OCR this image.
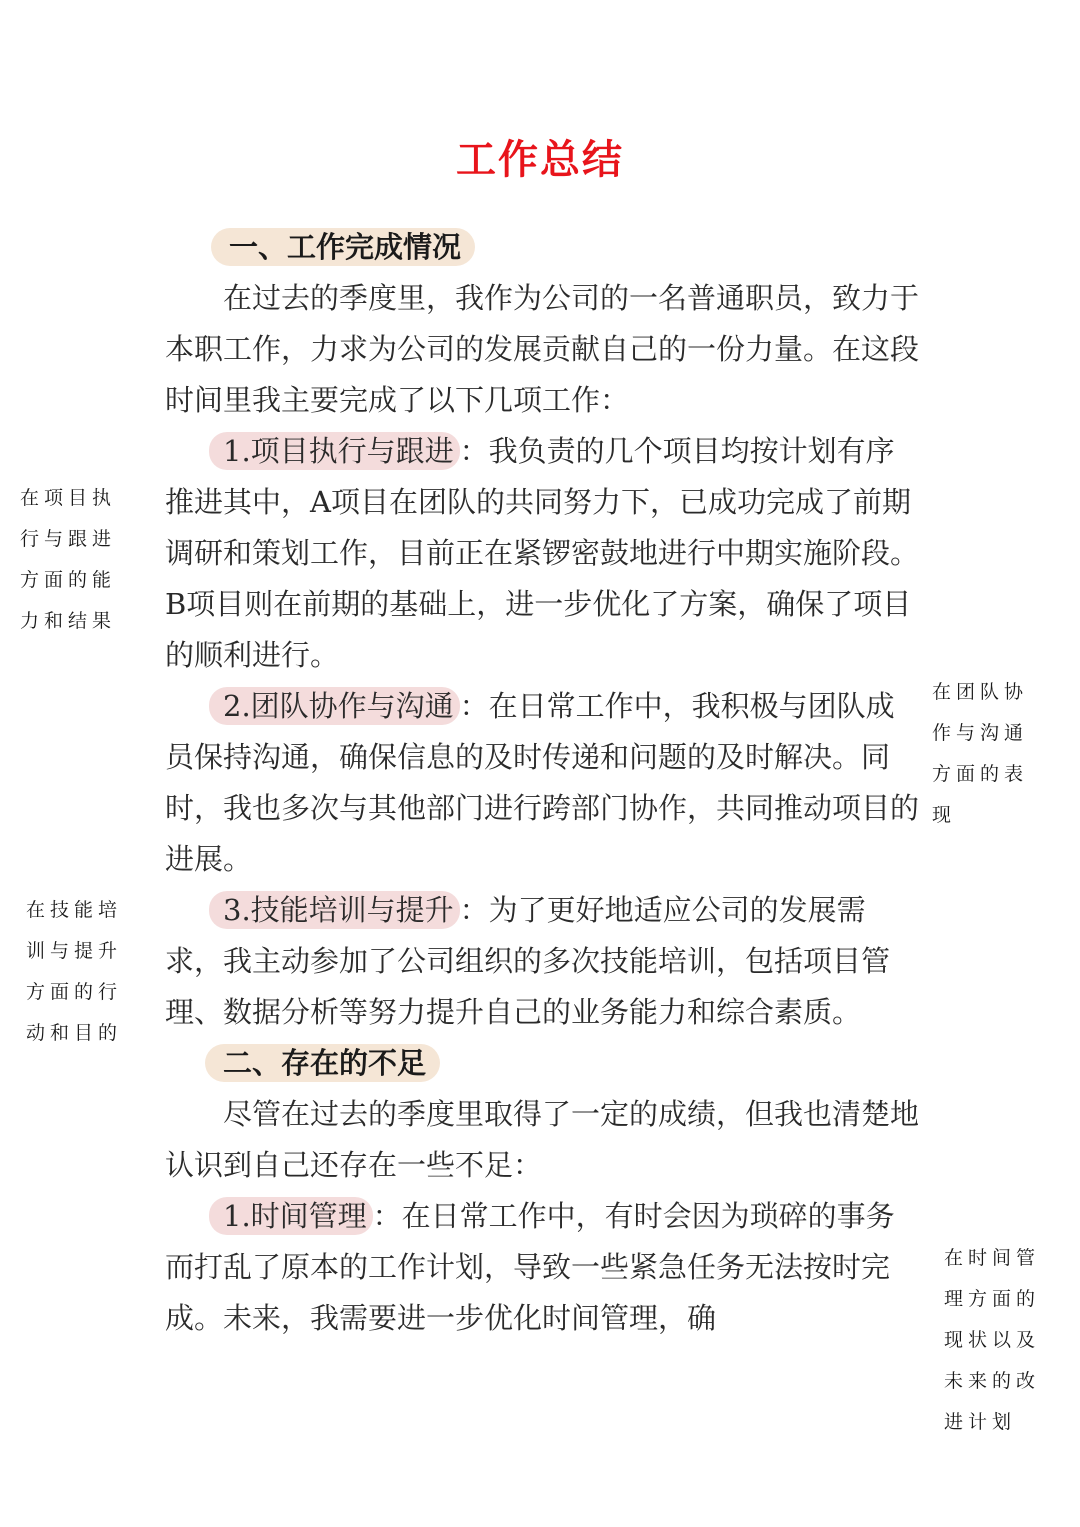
工作总结
一、工作完成情况

在过去的季度里，我作为公司的一名普通职员，致力于本职工作，力求为公司的发展贡献自己的一份力量。在这段时间里我主要完成了以下几项工作：

1.项目执行与跟进 ：我负责的几个项目均按计划有序推进其中，A项目在团队的共同努力下，已成功完成了前期调研和策划工作，目前正在紧锣密鼓地进行中期实施阶段。B项目则在前期的基础上，进一步优化了方案，确保了项目的顺利进行。

2.团队协作与沟通 ：在日常工作中，我积极与团队成员保持沟通，确保信息的及时传递和问题的及时解决。同时，我也多次与其他部门进行跨部门协作，共同推动项目的进展。

3.技能培训与提升 ：为了更好地适应公司的发展需求，我主动参加了公司组织的多次技能培训，包括项目管理、数据分析等努力提升自己的业务能力和综合素质。

二、存在的不足

尽管在过去的季度里取得了一定的成绩，但我也清楚地认识到自己还存在一些不足：

1.时间管理 ：在日常工作中，有时会因为琐碎的事务而打乱了原本的工作计划，导致一些紧急任务无法按时完成。未来，我需要进一步优化时间管理，确

在项目执
行与跟进
方面的能
力和结果
在团队协
作与沟通
方面的表
现
在技能培
训与提升
方面的行
动和目的
在时间管
理方面的
现状以及
未来的改
进计划
